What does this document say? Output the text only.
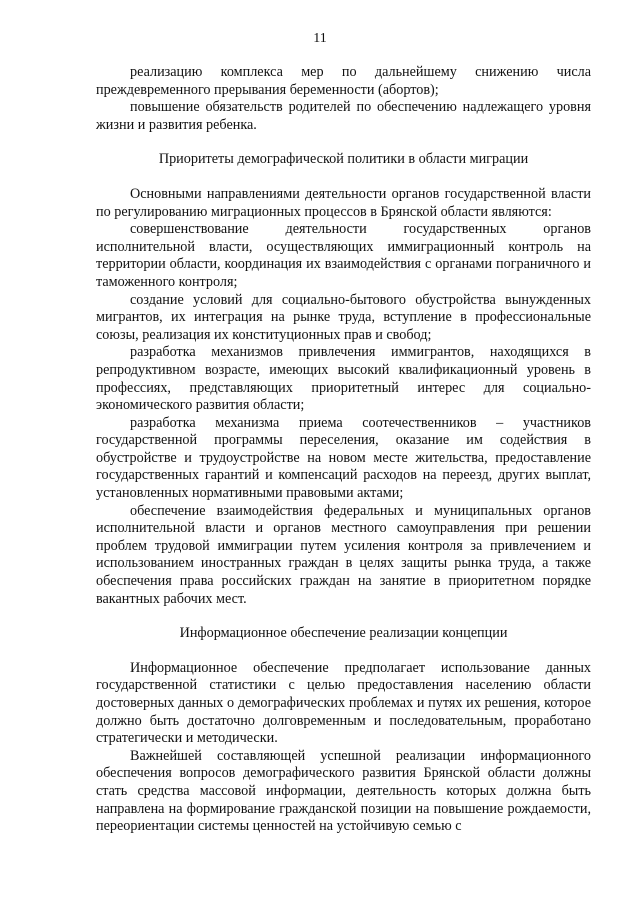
11

реализацию комплекса мер по дальнейшему снижению числа преждевременного прерывания беременности (абортов);

повышение обязательств родителей по обеспечению надлежащего уровня жизни и развития ребенка.

Приоритеты демографической политики в области миграции

Основными направлениями деятельности органов государственной власти по регулированию миграционных процессов в Брянской области являются:

совершенствование деятельности государственных органов исполнительной власти, осуществляющих иммиграционный контроль на территории области, координация их взаимодействия с органами пограничного и таможенного контроля;

создание условий для социально-бытового обустройства вынужденных мигрантов, их интеграция на рынке труда, вступление в профессиональные союзы, реализация их конституционных прав и свобод;

разработка механизмов привлечения иммигрантов, находящихся в репродуктивном возрасте, имеющих высокий квалификационный уровень в профессиях, представляющих приоритетный интерес для социально-экономического развития области;

разработка механизма приема соотечественников – участников государственной программы переселения, оказание им содействия в обустройстве и трудоустройстве на новом месте жительства, предоставление государственных гарантий и компенсаций расходов на переезд, других выплат, установленных нормативными правовыми актами;

обеспечение взаимодействия федеральных и муниципальных органов исполнительной власти и органов местного самоуправления при решении проблем трудовой иммиграции путем усиления контроля за привлечением и использованием иностранных граждан в целях защиты рынка труда, а также обеспечения права российских граждан на занятие в приоритетном порядке вакантных рабочих мест.

Информационное обеспечение реализации концепции

Информационное обеспечение предполагает использование данных государственной статистики с целью предоставления населению области достоверных данных о демографических проблемах и путях их решения, которое должно быть достаточно долговременным и последовательным, проработано стратегически и методически.

Важнейшей составляющей успешной реализации информационного обеспечения вопросов демографического развития Брянской области должны стать средства массовой информации, деятельность которых должна быть направлена на формирование гражданской позиции на повышение рождаемости, переориентации системы ценностей на устойчивую семью с
